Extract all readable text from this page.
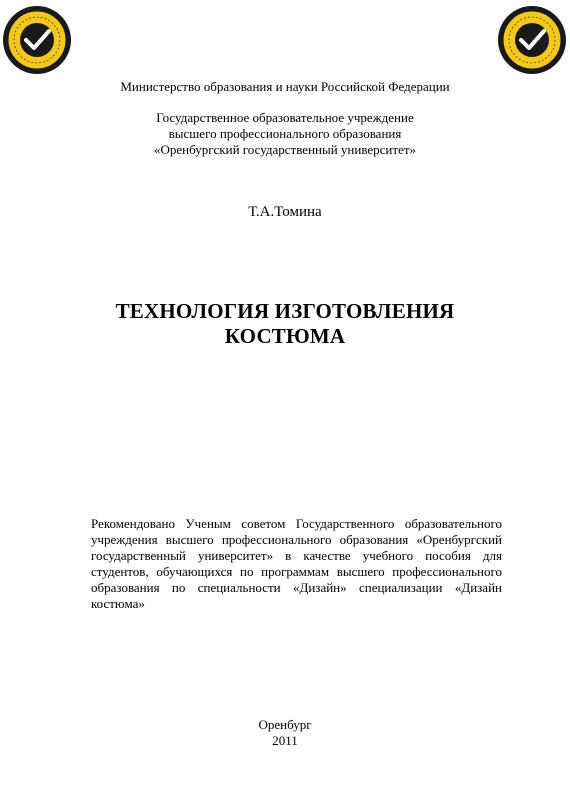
Министерство образования и науки Российской Федерации
Государственное образовательное учреждение
высшего профессионального образования
«Оренбургский государственный университет»
Т.А.Томина
ТЕХНОЛОГИЯ ИЗГОТОВЛЕНИЯ
КОСТЮМА
Рекомендовано Ученым советом Государственного образовательного учреждения высшего профессионального образования «Оренбургский государственный университет» в качестве учебного пособия для студентов, обучающихся по программам высшего профессионального образования по специальности «Дизайн» специализации «Дизайн костюма»
Оренбург
2011
